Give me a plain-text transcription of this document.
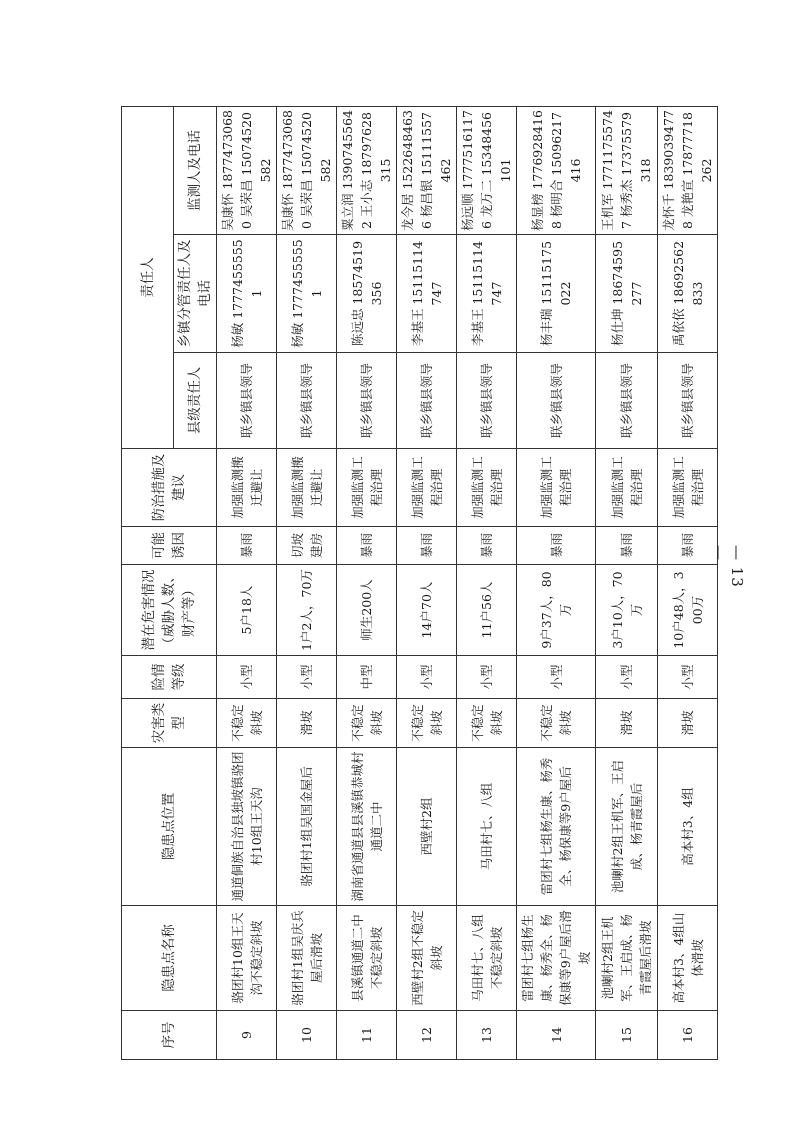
序号	隐患点名称	隐患点位置	灾害类型	险情等级	潜在危害情况（威胁人数、财产等）	可能诱因	防治措施及建议	责任人		
								县级责任人	乡镇分管责任人及电话	监测人及电话
9	骆团村10组王天沟不稳定斜坡	通道侗族自治县独坡镇骆团村10组王天沟	不稳定斜坡	小型	5户18人	暴雨	加强监测搬迁避让	联乡镇县领导	杨敏 17774555551	吴康怀 18774730680 吴荣昌 15074520582
10	骆团村1组吴庆兵屋后滑坡	骆团村1组吴国金屋后	滑坡	小型	1户2人，70万	切坡建房	加强监测搬迁避让	联乡镇县领导	杨敏 17774555551	吴康怀 18774730680 吴荣昌 15074520582
11	县溪镇通道二中不稳定斜坡	湖南省通道县县溪镇恭城村通道二中	不稳定斜坡	中型	师生200人	暴雨	加强监测工程治理	联乡镇县领导	陈远忠 18574519356	粟立润 13907455642 王小志 18797628315
12	西壁村2组不稳定斜坡	西壁村2组	不稳定斜坡	小型	14户70人	暴雨	加强监测工程治理	联乡镇县领导	李基王 15115114747	龙今居 15226484636 杨昌银 15111557462
13	马田村七、八组不稳定斜坡	马田村七、八组	不稳定斜坡	小型	11户56人	暴雨	加强监测工程治理	联乡镇县领导	李基王 15115114747	杨远顺 17775161176 龙万二 15348456101
14	雷团村七组杨生康、杨秀全、杨保康等9户屋后滑坡	雷团村七组杨生康、杨秀全、杨保康等9户屋后	不稳定斜坡	小型	9户37人，80万	暴雨	加强监测工程治理	联乡镇县领导	杨丰瑞 15115175022	杨显榜 17769284168 杨明合 15096217416
15	池喇村2组王机军、王启成、杨青霞屋后滑坡	池喇村2组王机军、王启成、杨青霞屋后	滑坡	小型	3户10人，70万	暴雨	加强监测工程治理	联乡镇县领导	杨仕坤 18674595277	王机军 17711755747 杨秀杰 17375579318
16	高本村3、4组山体滑坡	高本村3、4组	滑坡	小型	10户48人，300万	暴雨	加强监测工程治理	联乡镇县领导	禹依依 18692562833	龙怀千 18390394778 龙艳宣 17877718262
— 13 —
